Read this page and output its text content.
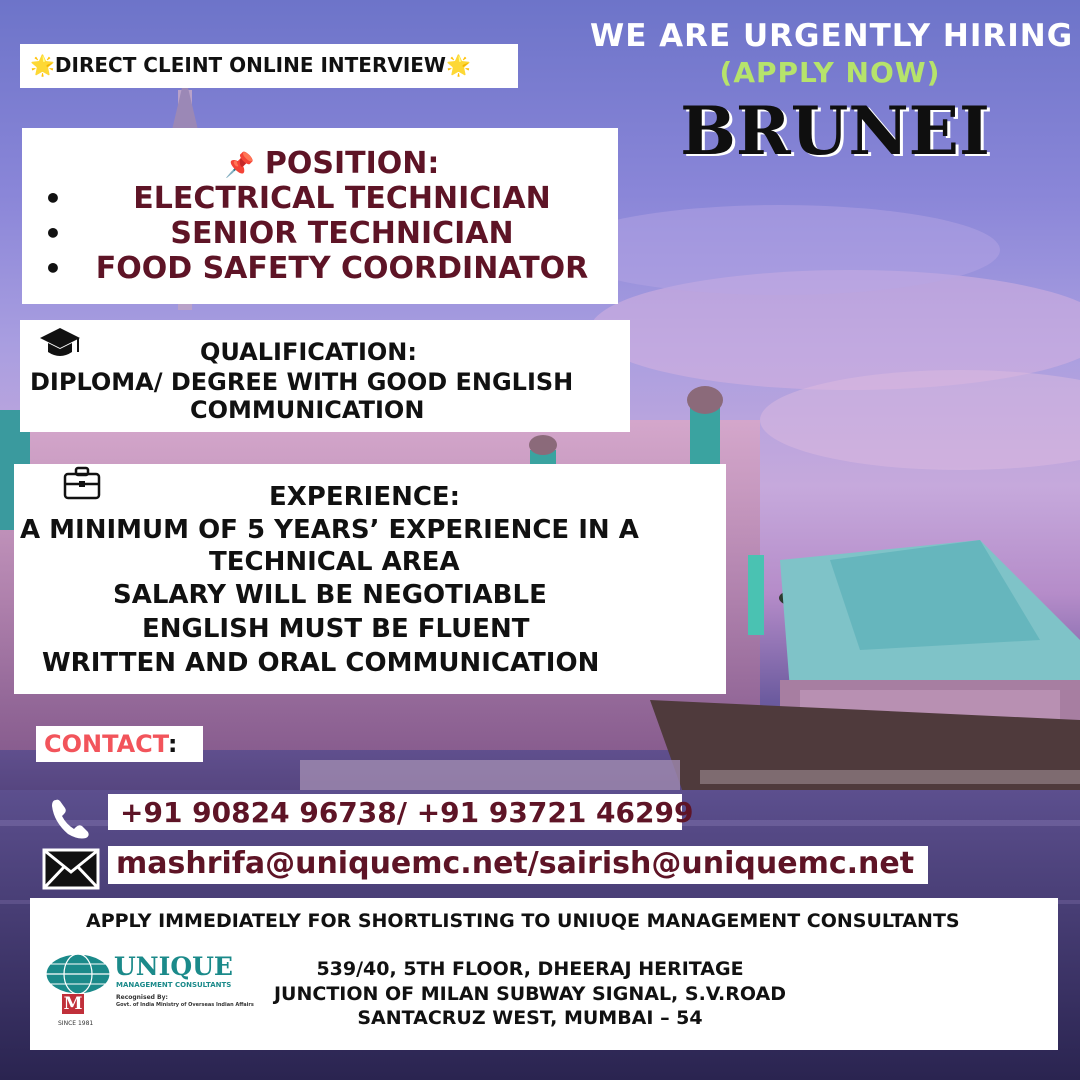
🌟DIRECT CLEINT ONLINE INTERVIEW🌟
WE ARE URGENTLY HIRING
(APPLY NOW)
BRUNEI
📌 POSITION:
•
•
•
ELECTRICAL TECHNICIAN
SENIOR TECHNICIAN
FOOD SAFETY COORDINATOR
QUALIFICATION:
DIPLOMA/ DEGREE WITH GOOD ENGLISH
COMMUNICATION
EXPERIENCE:
A MINIMUM OF 5 YEARS’ EXPERIENCE IN A
TECHNICAL AREA
SALARY WILL BE NEGOTIABLE
ENGLISH MUST BE FLUENT
WRITTEN AND ORAL COMMUNICATION
CONTACT:
+91 90824 96738/ +91 93721 46299
mashrifa@uniquemc.net/sairish@uniquemc.net
APPLY IMMEDIATELY FOR SHORTLISTING TO UNIUQE MANAGEMENT CONSULTANTS
UNIQUE
MANAGEMENT CONSULTANTS
M	Recognised By:
Govt. of India Ministry of Overseas Indian Affairs
SINCE 1981
539/40, 5TH FLOOR, DHEERAJ HERITAGE
JUNCTION OF MILAN SUBWAY SIGNAL, S.V.ROAD
SANTACRUZ WEST, MUMBAI – 54
